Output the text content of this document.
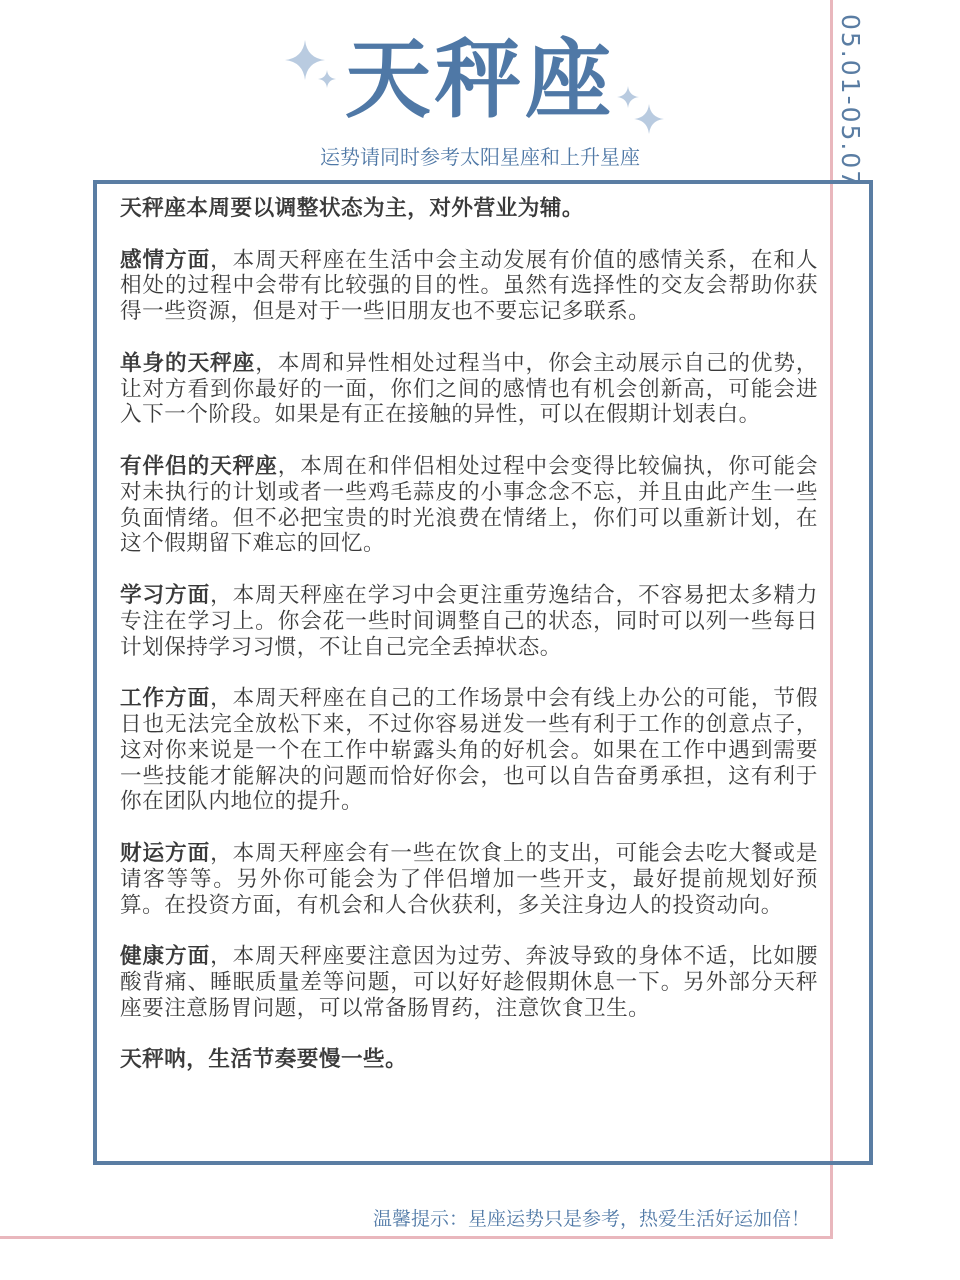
05.01-05.07
天秤座
运势请同时参考太阳星座和上升星座

天秤座本周要以调整状态为主，对外营业为辅。

感情方面，本周天秤座在生活中会主动发展有价值的感情关系，在和人相处的过程中会带有比较强的目的性。虽然有选择性的交友会帮助你获得一些资源，但是对于一些旧朋友也不要忘记多联系。

单身的天秤座，本周和异性相处过程当中，你会主动展示自己的优势，让对方看到你最好的一面，你们之间的感情也有机会创新高，可能会进入下一个阶段。如果是有正在接触的异性，可以在假期计划表白。

有伴侣的天秤座，本周在和伴侣相处过程中会变得比较偏执，你可能会对未执行的计划或者一些鸡毛蒜皮的小事念念不忘，并且由此产生一些负面情绪。但不必把宝贵的时光浪费在情绪上，你们可以重新计划，在这个假期留下难忘的回忆。

学习方面，本周天秤座在学习中会更注重劳逸结合，不容易把太多精力专注在学习上。你会花一些时间调整自己的状态，同时可以列一些每日计划保持学习习惯，不让自己完全丢掉状态。

工作方面，本周天秤座在自己的工作场景中会有线上办公的可能，节假日也无法完全放松下来，不过你容易迸发一些有利于工作的创意点子，这对你来说是一个在工作中崭露头角的好机会。如果在工作中遇到需要一些技能才能解决的问题而恰好你会，也可以自告奋勇承担，这有利于你在团队内地位的提升。

财运方面，本周天秤座会有一些在饮食上的支出，可能会去吃大餐或是请客等等。另外你可能会为了伴侣增加一些开支，最好提前规划好预算。在投资方面，有机会和人合伙获利，多关注身边人的投资动向。

健康方面，本周天秤座要注意因为过劳、奔波导致的身体不适，比如腰酸背痛、睡眠质量差等问题，可以好好趁假期休息一下。另外部分天秤座要注意肠胃问题，可以常备肠胃药，注意饮食卫生。

天秤呐，生活节奏要慢一些。

温馨提示：星座运势只是参考，热爱生活好运加倍！
